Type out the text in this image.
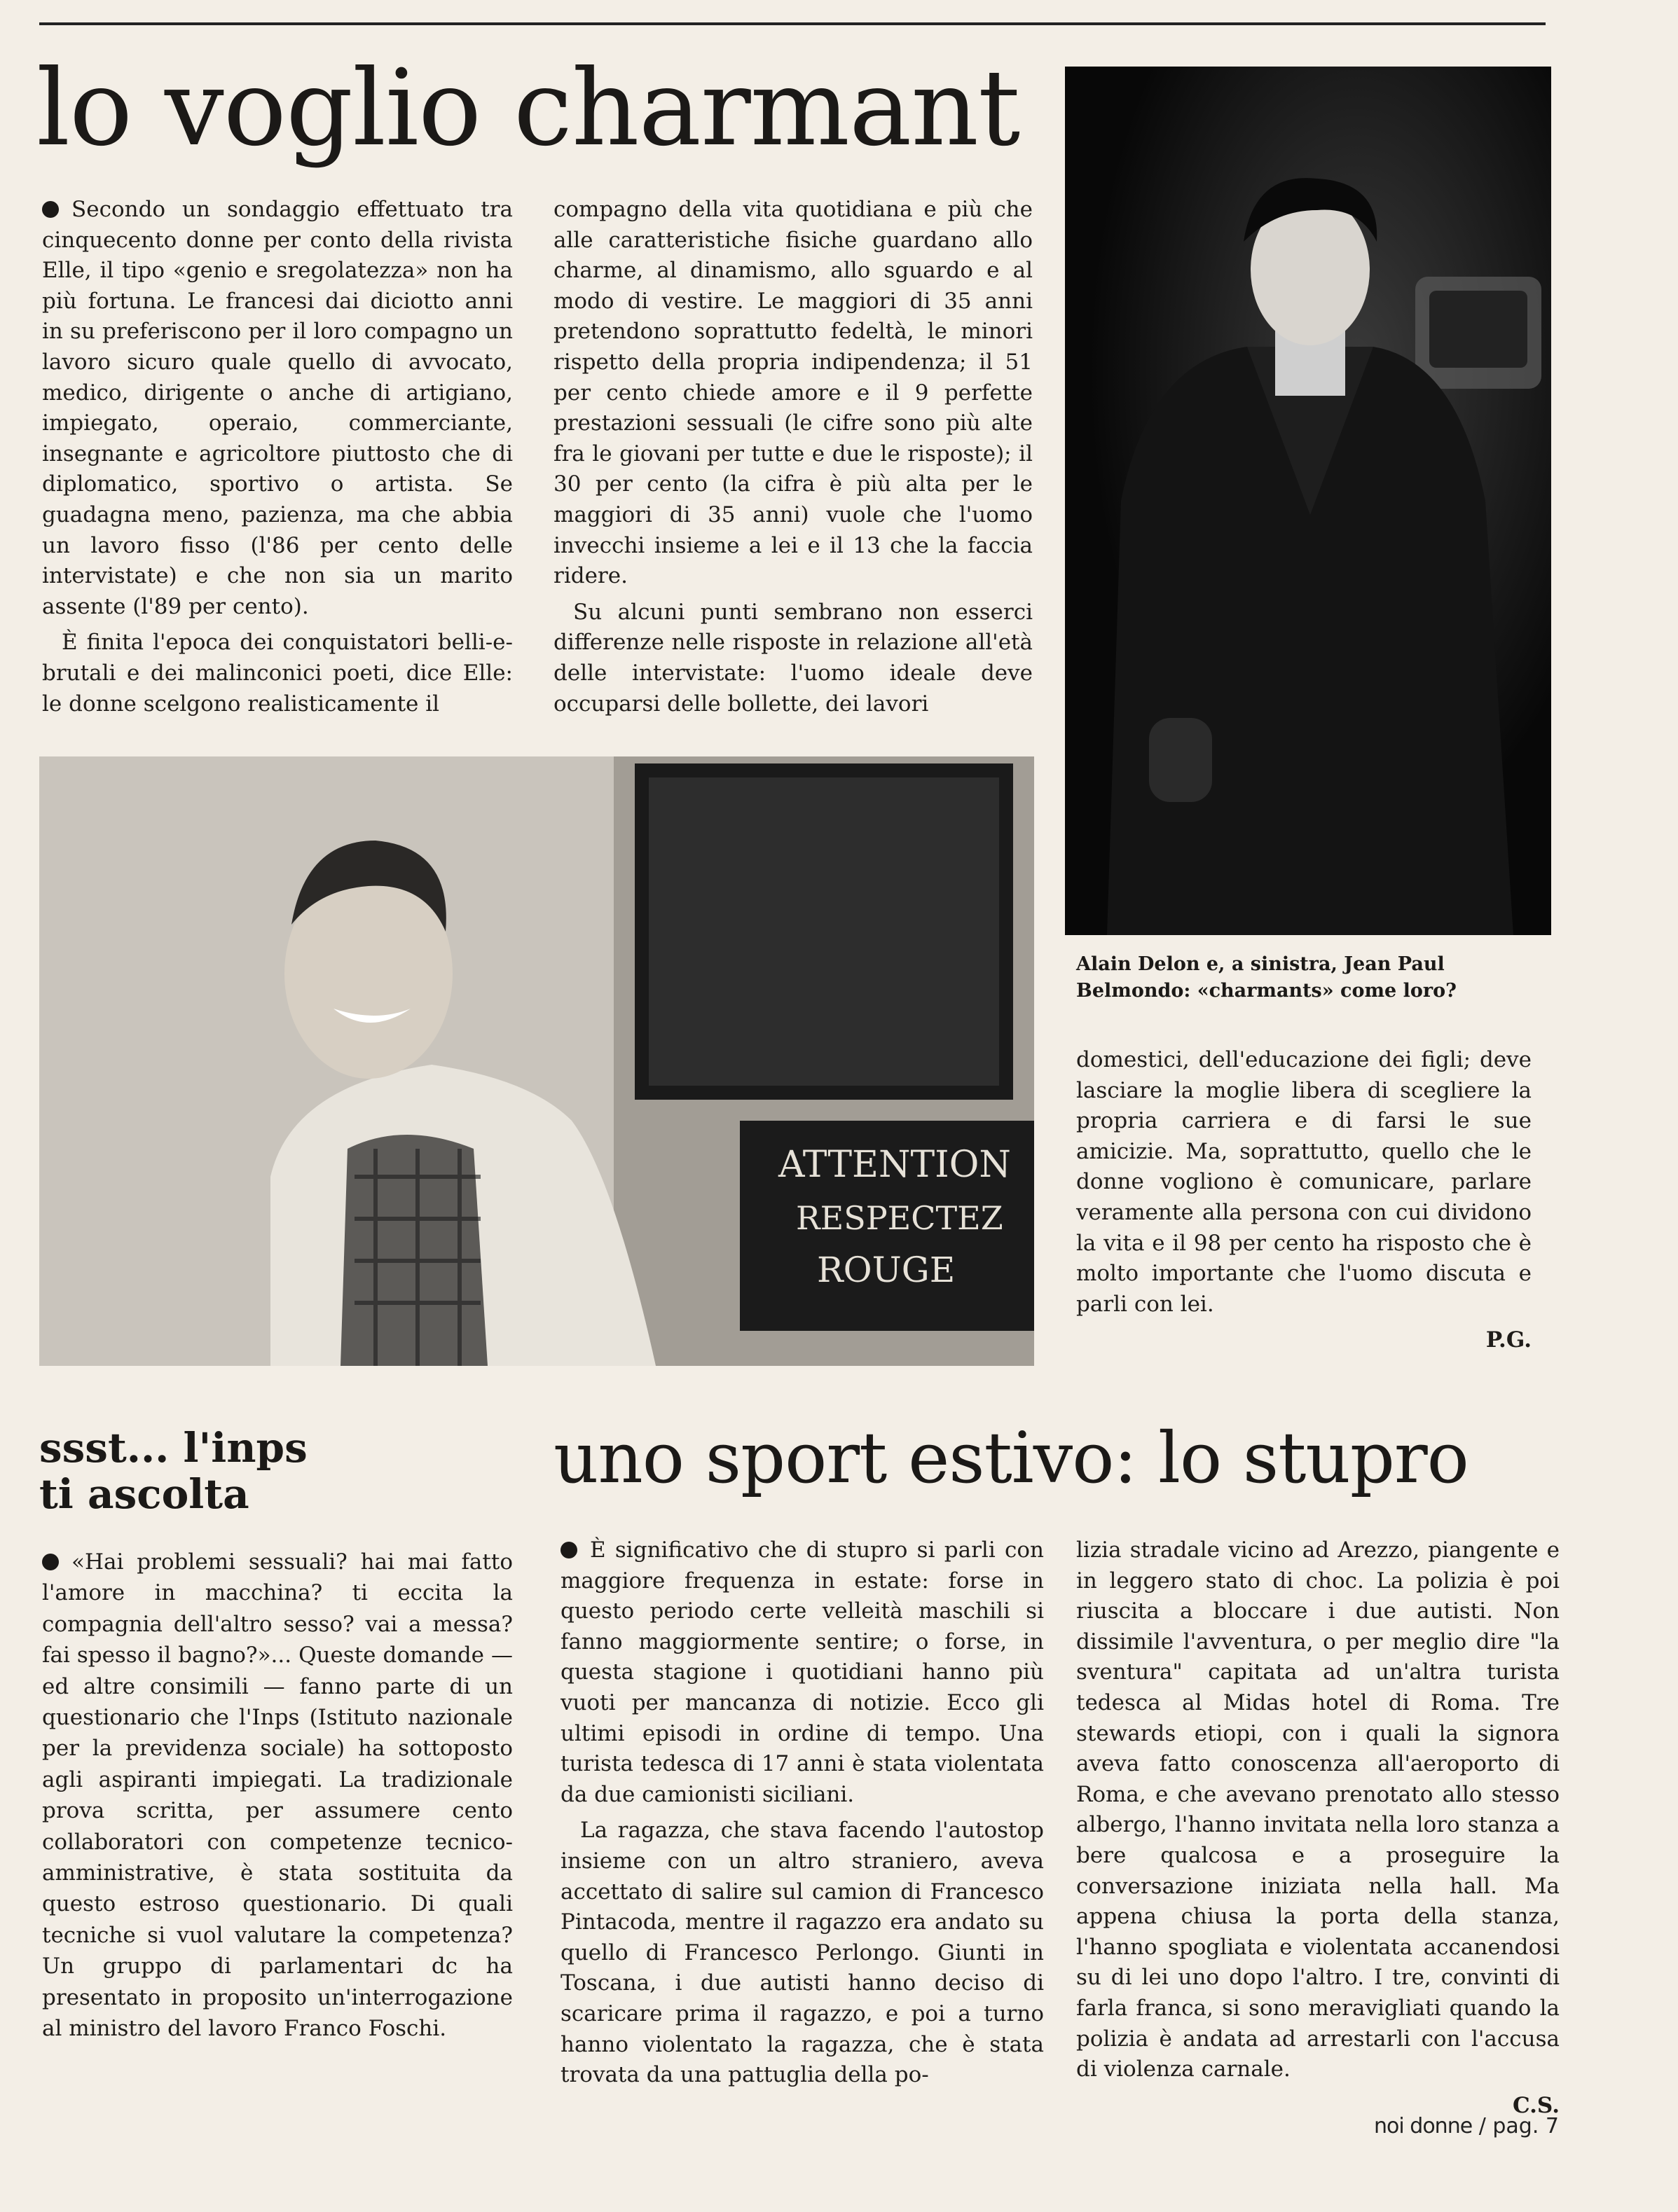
lo voglio charmant

Secondo un sondaggio effettuato tra cinquecento donne per conto della rivista Elle, il tipo «genio e sregolatezza» non ha più fortuna. Le francesi dai diciotto anni in su preferiscono per il loro compagno un lavoro sicuro quale quello di avvocato, medico, dirigente o anche di artigiano, impiegato, operaio, commerciante, insegnante e agricoltore piuttosto che di diplomatico, sportivo o artista. Se guadagna meno, pazienza, ma che abbia un lavoro fisso (l'86 per cento delle intervistate) e che non sia un marito assente (l'89 per cento).

È finita l'epoca dei conquistatori belli-e-brutali e dei malinconici poeti, dice Elle: le donne scelgono realisticamente il

compagno della vita quotidiana e più che alle caratteristiche fisiche guardano allo charme, al dinamismo, allo sguardo e al modo di vestire. Le maggiori di 35 anni pretendono soprattutto fedeltà, le minori rispetto della propria indipendenza; il 51 per cento chiede amore e il 9 perfette prestazioni sessuali (le cifre sono più alte fra le giovani per tutte e due le risposte); il 30 per cento (la cifra è più alta per le maggiori di 35 anni) vuole che l'uomo invecchi insieme a lei e il 13 che la faccia ridere.

Su alcuni punti sembrano non esserci differenze nelle risposte in relazione all'età delle intervistate: l'uomo ideale deve occuparsi delle bollette, dei lavori

Alain Delon e, a sinistra, Jean Paul Belmondo: «charmants» come loro?
ATTENTION
RESPECTEZ
ROUGE

domestici, dell'educazione dei figli; deve lasciare la moglie libera di scegliere la propria carriera e di farsi le sue amicizie. Ma, soprattutto, quello che le donne vogliono è comunicare, parlare veramente alla persona con cui dividono la vita e il 98 per cento ha risposto che è molto importante che l'uomo discuta e parli con lei.

P.G.

ssst... l'inps
ti ascolta

«Hai problemi sessuali? hai mai fatto l'amore in macchina? ti eccita la compagnia dell'altro sesso? vai a messa? fai spesso il bagno?»... Queste domande — ed altre consimili — fanno parte di un questionario che l'Inps (Istituto nazionale per la previdenza sociale) ha sottoposto agli aspiranti impiegati. La tradizionale prova scritta, per assumere cento collaboratori con competenze tecnico-amministrative, è stata sostituita da questo estroso questionario. Di quali tecniche si vuol valutare la competenza? Un gruppo di parlamentari dc ha presentato in proposito un'interrogazione al ministro del lavoro Franco Foschi.

uno sport estivo: lo stupro

È significativo che di stupro si parli con maggiore frequenza in estate: forse in questo periodo certe velleità maschili si fanno maggiormente sentire; o forse, in questa stagione i quotidiani hanno più vuoti per mancanza di notizie. Ecco gli ultimi episodi in ordine di tempo. Una turista tedesca di 17 anni è stata violentata da due camionisti siciliani.

La ragazza, che stava facendo l'autostop insieme con un altro straniero, aveva accettato di salire sul camion di Francesco Pintacoda, mentre il ragazzo era andato su quello di Francesco Perlongo. Giunti in Toscana, i due autisti hanno deciso di scaricare prima il ragazzo, e poi a turno hanno violentato la ragazza, che è stata trovata da una pattuglia della po-

lizia stradale vicino ad Arezzo, piangente e in leggero stato di choc. La polizia è poi riuscita a bloccare i due autisti. Non dissimile l'avventura, o per meglio dire "la sventura" capitata ad un'altra turista tedesca al Midas hotel di Roma. Tre stewards etiopi, con i quali la signora aveva fatto conoscenza all'aeroporto di Roma, e che avevano prenotato allo stesso albergo, l'hanno invitata nella loro stanza a bere qualcosa e a proseguire la conversazione iniziata nella hall. Ma appena chiusa la porta della stanza, l'hanno spogliata e violentata accanendosi su di lei uno dopo l'altro. I tre, convinti di farla franca, si sono meravigliati quando la polizia è andata ad arrestarli con l'accusa di violenza carnale.

C.S.

noi donne / pag. 7
